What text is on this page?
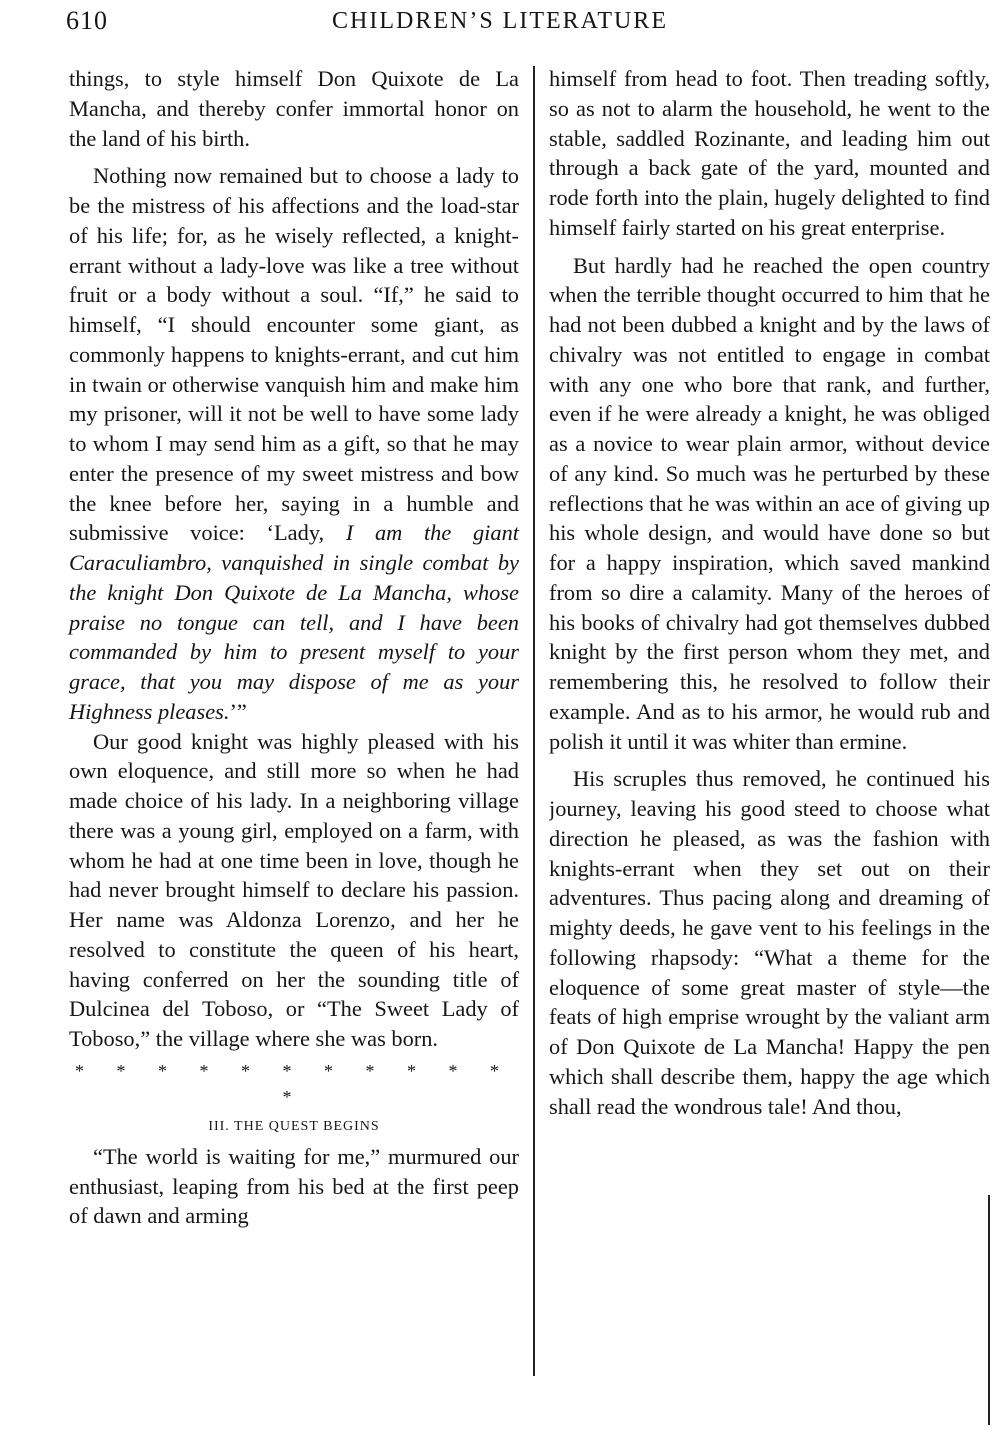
610	CHILDREN’S LITERATURE

things, to style himself Don Quixote de La Mancha, and thereby confer immortal honor on the land of his birth.

Nothing now remained but to choose a lady to be the mistress of his affections and the load-star of his life; for, as he wisely reflected, a knight-errant without a lady-love was like a tree without fruit or a body without a soul. “If,” he said to himself, “I should encounter some giant, as commonly happens to knights-errant, and cut him in twain or otherwise vanquish him and make him my prisoner, will it not be well to have some lady to whom I may send him as a gift, so that he may enter the presence of my sweet mistress and bow the knee before her, saying in a humble and submissive voice: ‘Lady, I am the giant Caraculiambro, vanquished in single combat by the knight Don Quixote de La Mancha, whose praise no tongue can tell, and I have been commanded by him to present myself to your grace, that you may dispose of me as your Highness pleases.’”

Our good knight was highly pleased with his own eloquence, and still more so when he had made choice of his lady. In a neighboring village there was a young girl, employed on a farm, with whom he had at one time been in love, though he had never brought himself to declare his passion. Her name was Aldonza Lorenzo, and her he resolved to constitute the queen of his heart, having conferred on her the sounding title of Dulcinea del Toboso, or “The Sweet Lady of Toboso,” the village where she was born.

* * * * * * * * * * * *
III. THE QUEST BEGINS

“The world is waiting for me,” murmured our enthusiast, leaping from his bed at the first peep of dawn and arming

himself from head to foot. Then treading softly, so as not to alarm the household, he went to the stable, saddled Rozinante, and leading him out through a back gate of the yard, mounted and rode forth into the plain, hugely delighted to find himself fairly started on his great enterprise.

But hardly had he reached the open country when the terrible thought occurred to him that he had not been dubbed a knight and by the laws of chivalry was not entitled to engage in combat with any one who bore that rank, and further, even if he were already a knight, he was obliged as a novice to wear plain armor, without device of any kind. So much was he perturbed by these reflections that he was within an ace of giving up his whole design, and would have done so but for a happy inspiration, which saved mankind from so dire a calamity. Many of the heroes of his books of chivalry had got themselves dubbed knight by the first person whom they met, and remembering this, he resolved to follow their example. And as to his armor, he would rub and polish it until it was whiter than ermine.

His scruples thus removed, he continued his journey, leaving his good steed to choose what direction he pleased, as was the fashion with knights-errant when they set out on their adventures. Thus pacing along and dreaming of mighty deeds, he gave vent to his feelings in the following rhapsody: “What a theme for the eloquence of some great master of style—the feats of high emprise wrought by the valiant arm of Don Quixote de La Mancha! Happy the pen which shall describe them, happy the age which shall read the wondrous tale! And thou,
